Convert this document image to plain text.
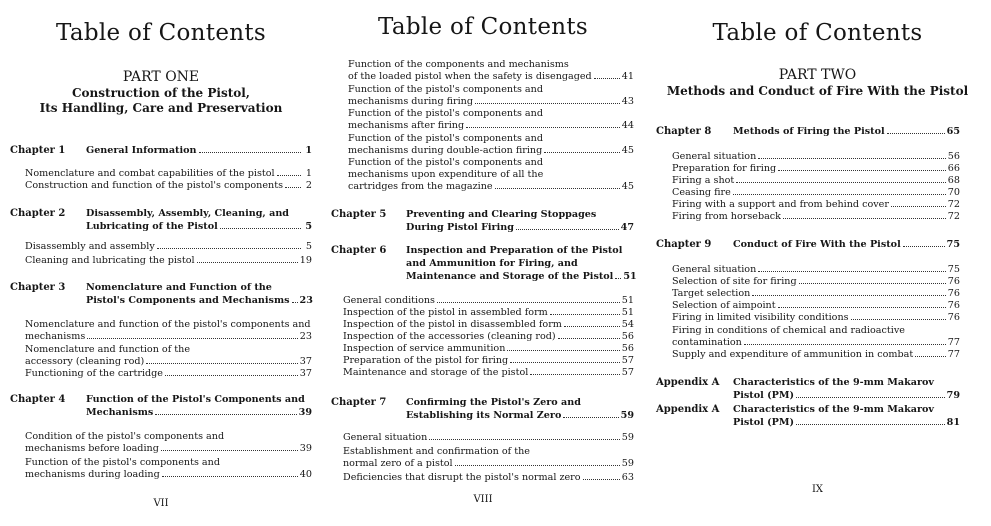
Table of Contents
PART ONE
Construction of the Pistol,
Its Handling, Care and Preservation
VII
Chapter 1 General Information	1
Nomenclature and combat capabilities of the pistol	1
Construction and function of the pistol's components	2
Chapter 2 Disassembly, Assembly, Cleaning, and
Lubricating of the Pistol	5
Disassembly and assembly	5
Cleaning and lubricating the pistol	19
Chapter 3 Nomenclature and Function of the
Pistol's Components and Mechanisms 23
Nomenclature and function of the pistol's components and
mechanisms	23
Nomenclature and function of the
accessory (cleaning rod)	37
Functioning of the cartridge	37
Chapter 4 Function of the Pistol's Components and
Mechanisms	39
Condition of the pistol's components and
mechanisms before loading	39
Function of the pistol's components and
mechanisms during loading	40
Table of Contents
VIII
Function of the components and mechanisms
of the loaded pistol when the safety is disengaged	41
Function of the pistol's components and
mechanisms during firing	43
Function of the pistol's components and
mechanisms after firing	44
Function of the pistol's components and
mechanisms during double-action firing	45
Function of the pistol's components and
mechanisms upon expenditure of all the
cartridges from the magazine	45
Chapter 5 Preventing and Clearing Stoppages
During Pistol Firing	47
Chapter 6 Inspection and Preparation of the Pistol
and Ammunition for Firing, and
Maintenance and Storage of the Pistol 51
General conditions	51
Inspection of the pistol in assembled form	51
Inspection of the pistol in disassembled form	54
Inspection of the accessories (cleaning rod)	56
Inspection of service ammunition	56
Preparation of the pistol for firing	57
Maintenance and storage of the pistol	57
Chapter 7 Confirming the Pistol's Zero and
Establishing its Normal Zero	59
General situation	59
Establishment and confirmation of the
normal zero of a pistol	59
Deficiencies that disrupt the pistol's normal zero	63
Table of Contents
PART TWO
Methods and Conduct of Fire With the Pistol
IX
Chapter 8 Methods of Firing the Pistol	65
General situation	56
Preparation for firing	66
Firing a shot	68
Ceasing fire	70
Firing with a support and from behind cover	72
Firing from horseback	72
Chapter 9 Conduct of Fire With the Pistol	75
General situation	75
Selection of site for firing	76
Target selection	76
Selection of aimpoint	76
Firing in limited visibility conditions	76
Firing in conditions of chemical and radioactive
contamination	77
Supply and expenditure of ammunition in combat	77
Appendix A Characteristics of the 9-mm Makarov
Pistol (PM)	79
Appendix A Characteristics of the 9-mm Makarov
Pistol (PM)	81
